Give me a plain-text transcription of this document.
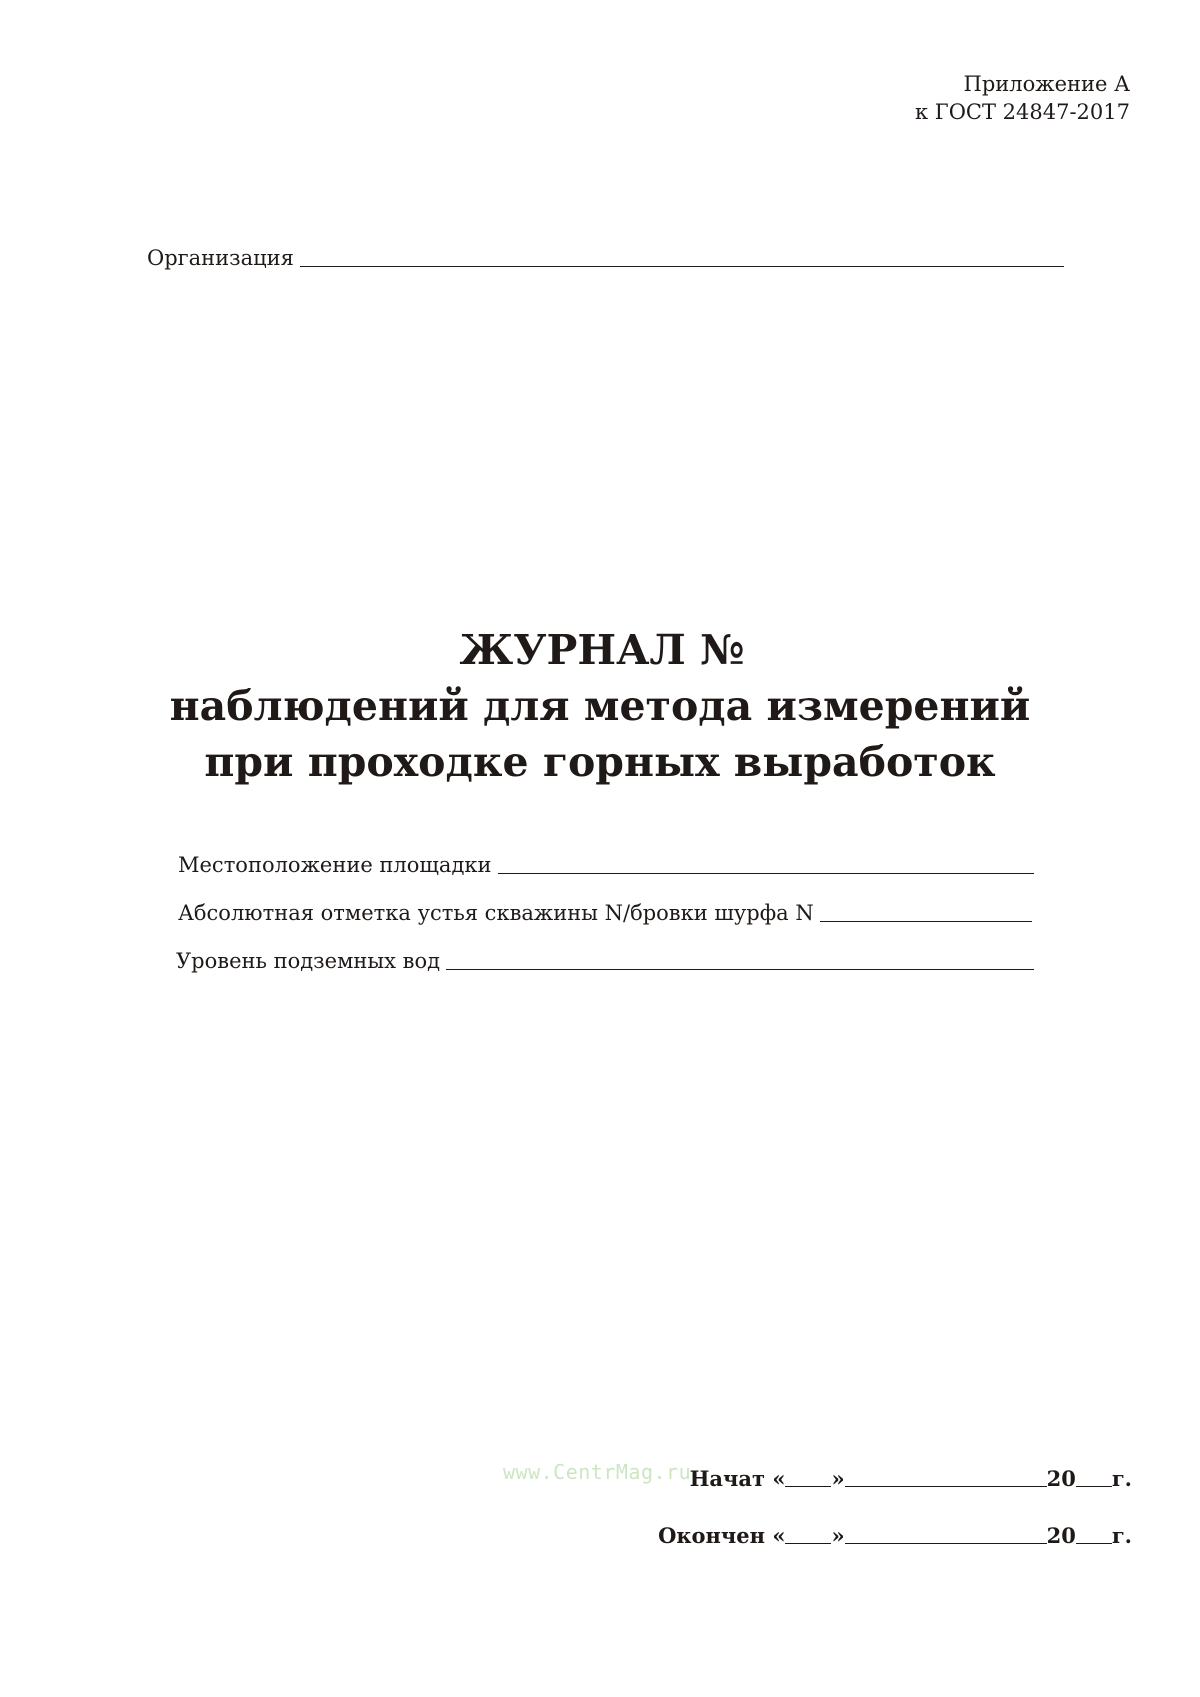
Приложение А
к ГОСТ 24847-2017
Организация
ЖУРНАЛ №
наблюдений для метода измерений
при проходке горных выработок
Местоположение площадки
Абсолютная отметка устья скважины N/бровки шурфа N
Уровень подземных вод
www.CentrMag.ru
Начат
« »	20 г.
Окончен
« »	20 г.
